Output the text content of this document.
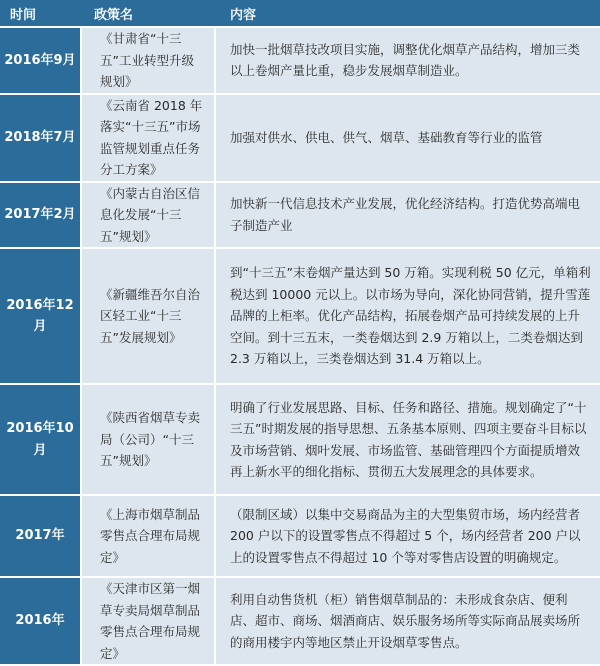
时间	政策名	内容
2016年9月	《甘肃省“十三五”工业转型升级规划》	加快一批烟草技改项目实施，调整优化烟草产品结构，增加三类以上卷烟产量比重，稳步发展烟草制造业。
2018年7月	《云南省 2018 年落实“十三五”市场监管规划重点任务分工方案》	加强对供水、供电、供气、烟草、基础教育等行业的监管
2017年2月	《内蒙古自治区信息化发展“十三五”规划》	加快新一代信息技术产业发展，优化经济结构。打造优势高端电子制造产业
2016年12月	《新疆维吾尔自治区轻工业“十三五”发展规划》	到“十三五”末卷烟产量达到 50 万箱。实现利税 50 亿元，单箱利税达到 10000 元以上。以市场为导向，深化协同营销，提升雪莲品牌的上柜率。优化产品结构，拓展卷烟产品可持续发展的上升空间。到十三五末，一类卷烟达到 2.9 万箱以上，二类卷烟达到 2.3 万箱以上，三类卷烟达到 31.4 万箱以上。
2016年10月	《陕西省烟草专卖局（公司）“十三五”规划》	明确了行业发展思路、目标、任务和路径、措施。规划确定了“十三五”时期发展的指导思想、五条基本原则、四项主要奋斗目标以及市场营销、烟叶发展、市场监管、基础管理四个方面提质增效再上新水平的细化指标、贯彻五大发展理念的具体要求。
2017年	《上海市烟草制品零售点合理布局规定》	（限制区域）以集中交易商品为主的大型集贸市场，场内经营者 200 户以下的设置零售点不得超过 5 个，场内经营者 200 户以上的设置零售点不得超过 10 个等对零售店设置的明确规定。
2016年	《天津市区第一烟草专卖局烟草制品零售点合理布局规定》	利用自动售货机（柜）销售烟草制品的：未形成食杂店、便利店、超市、商场、烟酒商店、娱乐服务场所等实际商品展卖场所的商用楼宇内等地区禁止开设烟草零售点。
